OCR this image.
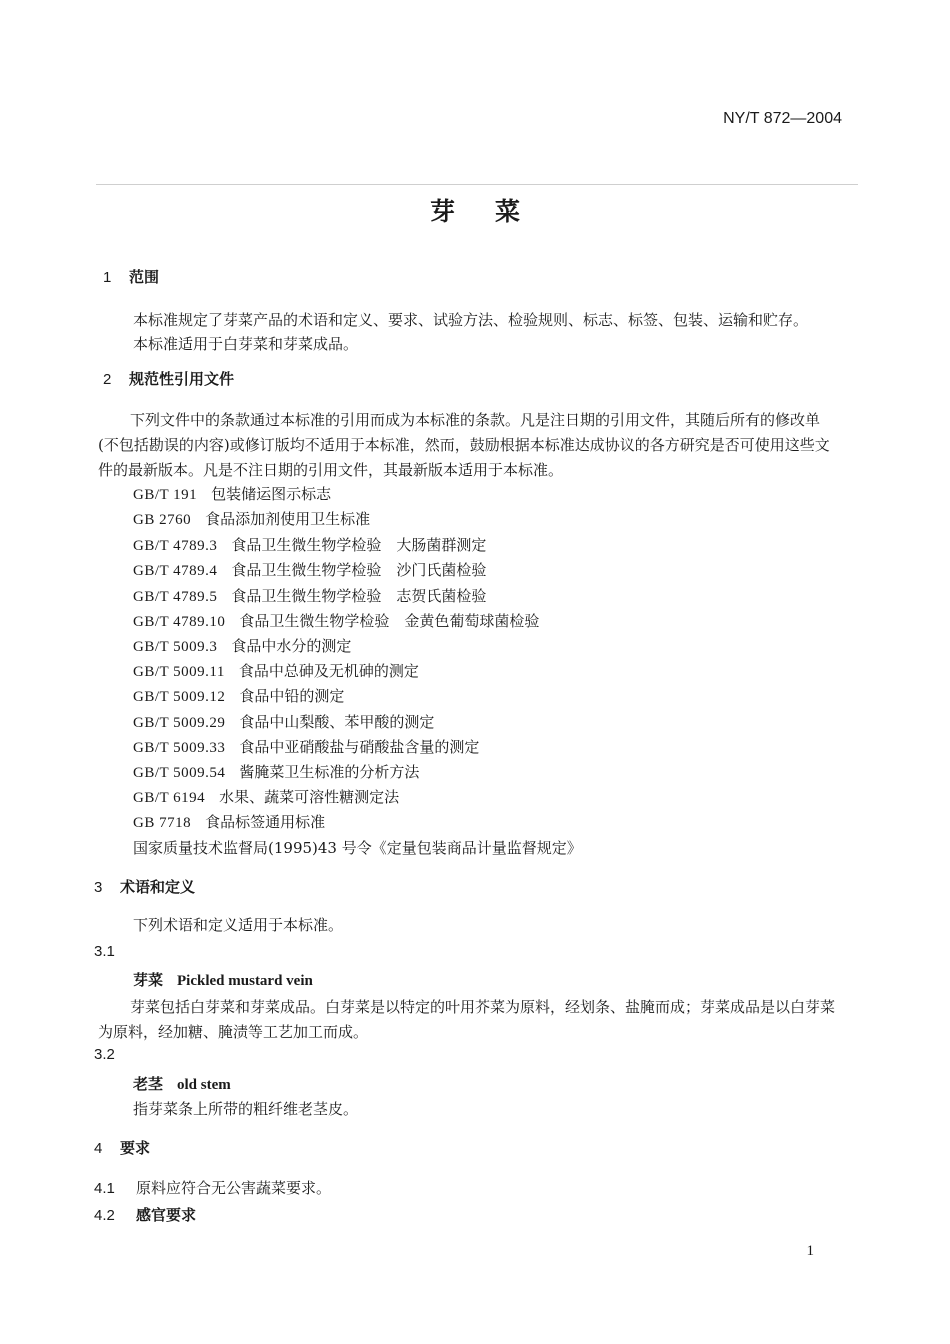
NY/T 872—2004
芽菜
1 范围
本标准规定了芽菜产品的术语和定义、要求、试验方法、检验规则、标志、标签、包装、运输和贮存。
本标准适用于白芽菜和芽菜成品。
2 规范性引用文件
下列文件中的条款通过本标准的引用而成为本标准的条款。凡是注日期的引用文件，其随后所有的修改单(不包括勘误的内容)或修订版均不适用于本标准，然而，鼓励根据本标准达成协议的各方研究是否可使用这些文件的最新版本。凡是不注日期的引用文件，其最新版本适用于本标准。
GB/T 191 包装储运图示标志
GB 2760 食品添加剂使用卫生标准
GB/T 4789.3 食品卫生微生物学检验　大肠菌群测定
GB/T 4789.4 食品卫生微生物学检验　沙门氏菌检验
GB/T 4789.5 食品卫生微生物学检验　志贺氏菌检验
GB/T 4789.10 食品卫生微生物学检验　金黄色葡萄球菌检验
GB/T 5009.3 食品中水分的测定
GB/T 5009.11 食品中总砷及无机砷的测定
GB/T 5009.12 食品中铅的测定
GB/T 5009.29 食品中山梨酸、苯甲酸的测定
GB/T 5009.33 食品中亚硝酸盐与硝酸盐含量的测定
GB/T 5009.54 酱腌菜卫生标准的分析方法
GB/T 6194 水果、蔬菜可溶性糖测定法
GB 7718 食品标签通用标准
国家质量技术监督局(1995)43 号令《定量包装商品计量监督规定》
3 术语和定义
下列术语和定义适用于本标准。
3.1
芽菜 Pickled mustard vein
芽菜包括白芽菜和芽菜成品。白芽菜是以特定的叶用芥菜为原料，经划条、盐腌而成；芽菜成品是以白芽菜为原料，经加糖、腌渍等工艺加工而成。
3.2
老茎 old stem
指芽菜条上所带的粗纤维老茎皮。
4 要求
4.1 原料应符合无公害蔬菜要求。
4.2 感官要求
1
